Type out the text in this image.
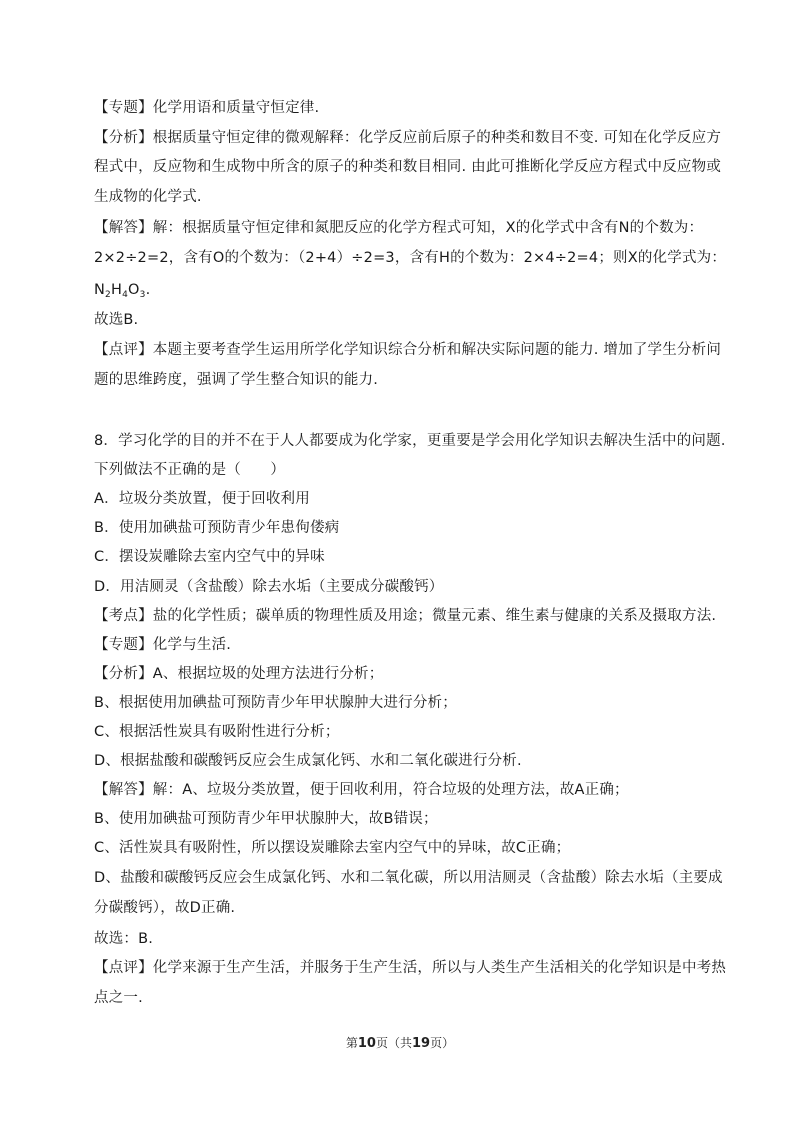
【专题】化学用语和质量守恒定律.
【分析】根据质量守恒定律的微观解释：化学反应前后原子的种类和数目不变. 可知在化学反应方
程式中，反应物和生成物中所含的原子的种类和数目相同. 由此可推断化学反应方程式中反应物或
生成物的化学式.
【解答】解：根据质量守恒定律和氮肥反应的化学方程式可知，X的化学式中含有N的个数为：
2×2÷2=2，含有O的个数为：（2+4）÷2=3，含有H的个数为：2×4÷2=4；则X的化学式为：
$N_2H_4O_3$.
故选B.
【点评】本题主要考查学生运用所学化学知识综合分析和解决实际问题的能力. 增加了学生分析问
题的思维跨度，强调了学生整合知识的能力.
8．学习化学的目的并不在于人人都要成为化学家，更重要是学会用化学知识去解决生活中的问题．
下列做法不正确的是（　　）
A．垃圾分类放置，便于回收利用
B．使用加碘盐可预防青少年患佝偻病
C．摆设炭雕除去室内空气中的异味
D．用洁厕灵（含盐酸）除去水垢（主要成分碳酸钙）
【考点】盐的化学性质；碳单质的物理性质及用途；微量元素、维生素与健康的关系及摄取方法.
【专题】化学与生活.
【分析】A、根据垃圾的处理方法进行分析；
B、根据使用加碘盐可预防青少年甲状腺肿大进行分析；
C、根据活性炭具有吸附性进行分析；
D、根据盐酸和碳酸钙反应会生成氯化钙、水和二氧化碳进行分析.
【解答】解：A、垃圾分类放置，便于回收利用，符合垃圾的处理方法，故A正确；
B、使用加碘盐可预防青少年甲状腺肿大，故B错误；
C、活性炭具有吸附性，所以摆设炭雕除去室内空气中的异味，故C正确；
D、盐酸和碳酸钙反应会生成氯化钙、水和二氧化碳，所以用洁厕灵（含盐酸）除去水垢（主要成
分碳酸钙），故D正确.
故选：B.
【点评】化学来源于生产生活，并服务于生产生活，所以与人类生产生活相关的化学知识是中考热
点之一.
第10页（共19页）
